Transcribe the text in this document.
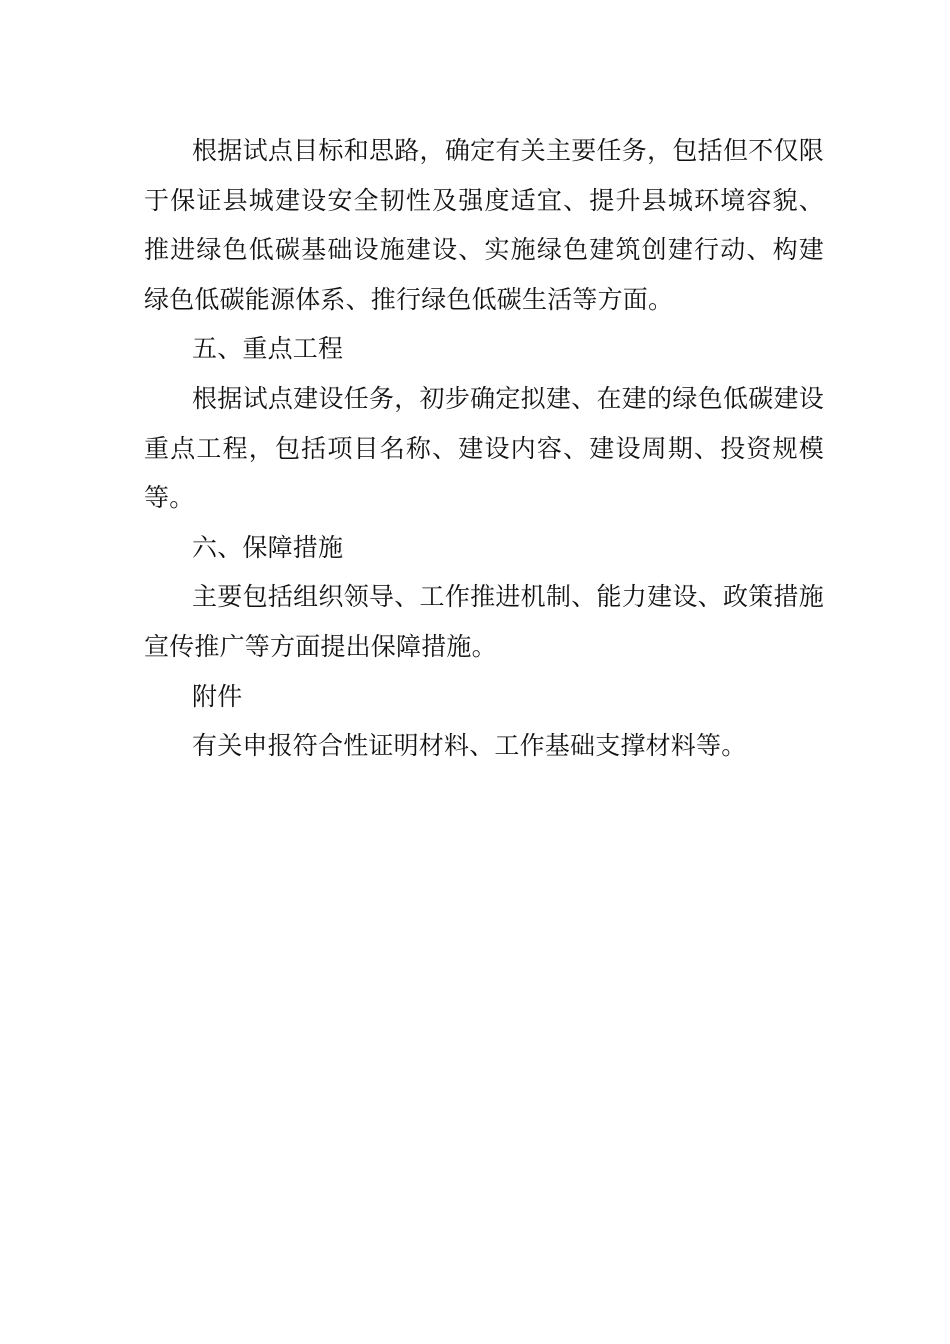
根据试点目标和思路，确定有关主要任务，包括但不仅限于保证县城建设安全韧性及强度适宜、提升县城环境容貌、推进绿色低碳基础设施建设、实施绿色建筑创建行动、构建绿色低碳能源体系、推行绿色低碳生活等方面。

五、重点工程

根据试点建设任务，初步确定拟建、在建的绿色低碳建设重点工程，包括项目名称、建设内容、建设周期、投资规模等。

六、保障措施

主要包括组织领导、工作推进机制、能力建设、政策措施宣传推广等方面提出保障措施。

附件

有关申报符合性证明材料、工作基础支撑材料等。
